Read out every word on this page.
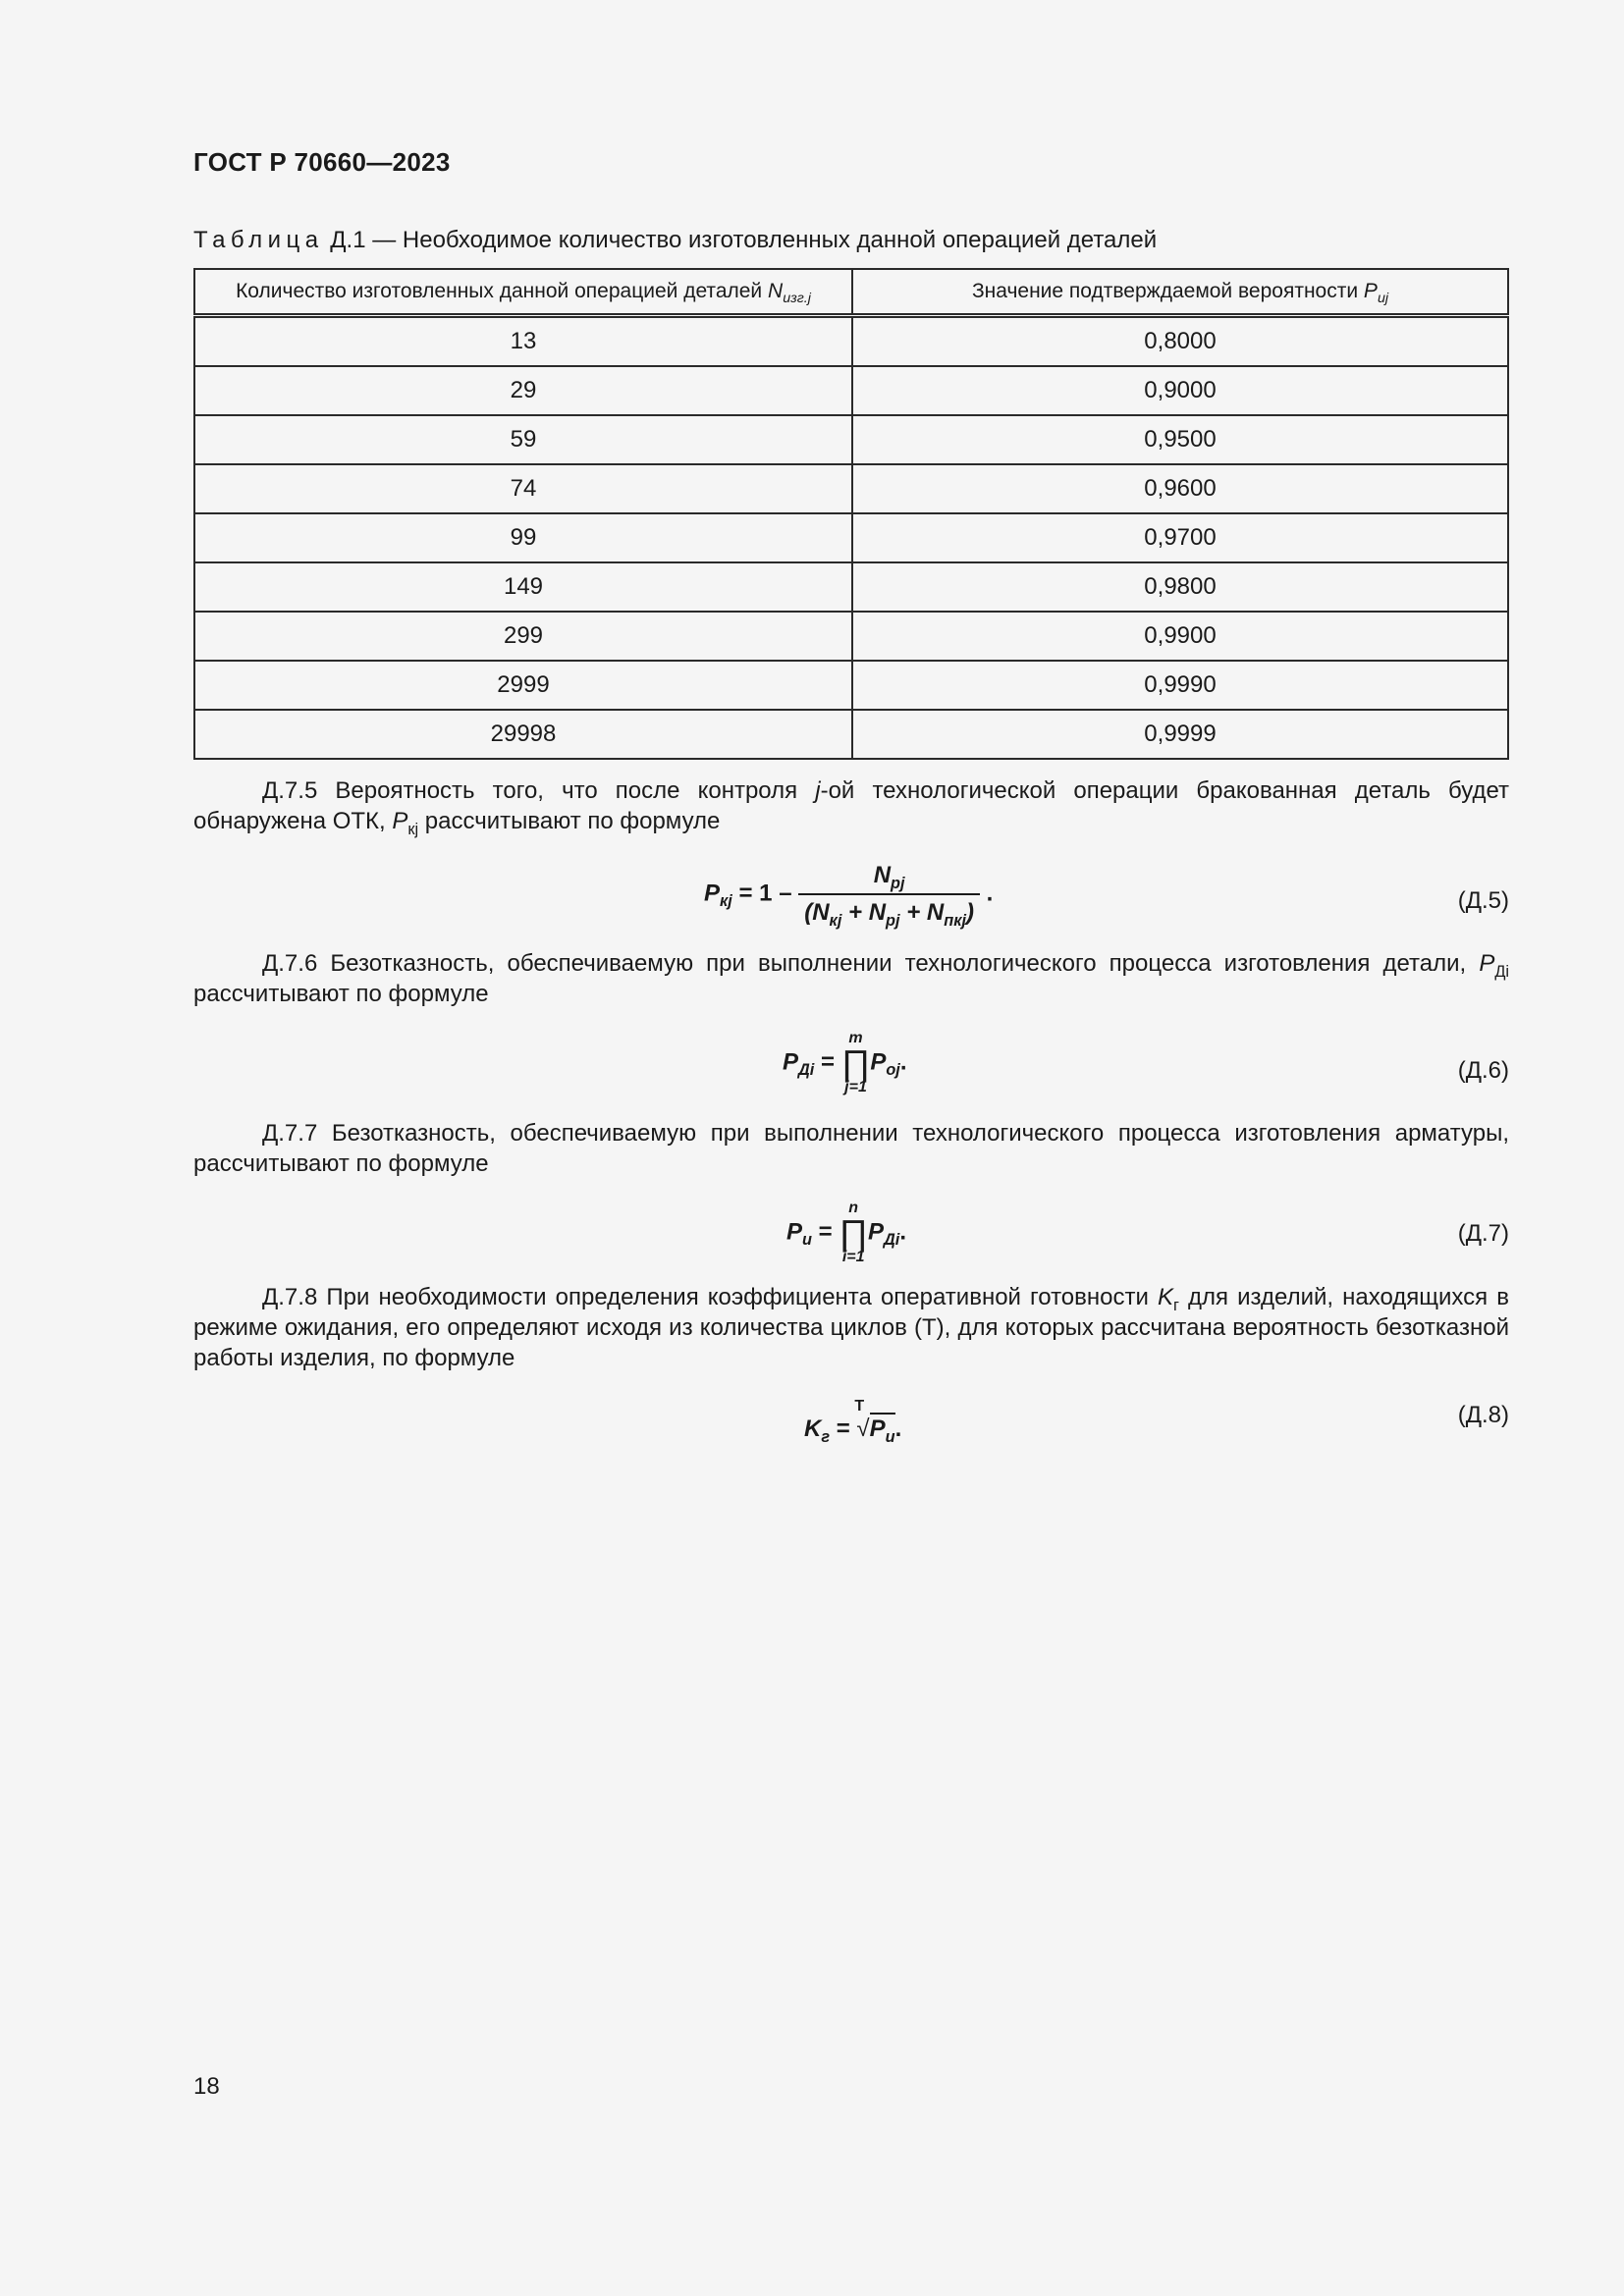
ГОСТ Р 70660—2023
Таблица Д.1 — Необходимое количество изготовленных данной операцией деталей
Количество изготовленных данной операцией деталей $N_{изг.j}$	Значение подтверждаемой вероятности $P_{иj}$
13	0,8000
29	0,9000
59	0,9500
74	0,9600
99	0,9700
149	0,9800
299	0,9900
2999	0,9990
29998	0,9999
Д.7.5 Вероятность того, что после контроля j-ой технологической операции бракованная деталь будет обнаружена ОТК, $P_{кj}$ рассчитывают по формуле
$P_{кj} = 1 - \frac{N_{рj}}{(N_{кj} + N_{рj} + N_{пкj})}$ .	(Д.5)
Д.7.6 Безотказность, обеспечиваемую при выполнении технологического процесса изготовления детали, $P_{Дi}$ рассчитывают по формуле
$P_{Дi}$ =
m
∏
j=1
$P_{oj}$.	(Д.6)
Д.7.7 Безотказность, обеспечиваемую при выполнении технологического процесса изготовления арматуры, рассчитывают по формуле
$P_и$ =
n
∏
i=1
$P_{Дi}$.	(Д.7)
Д.7.8 При необходимости определения коэффициента оперативной готовности $K_г$ для изделий, находящихся в режиме ожидания, его определяют исходя из количества циклов (T), для которых рассчитана вероятность безотказной работы изделия, по формуле
$K_г$ =
T
$√P_и$.
(Д.8)
18
